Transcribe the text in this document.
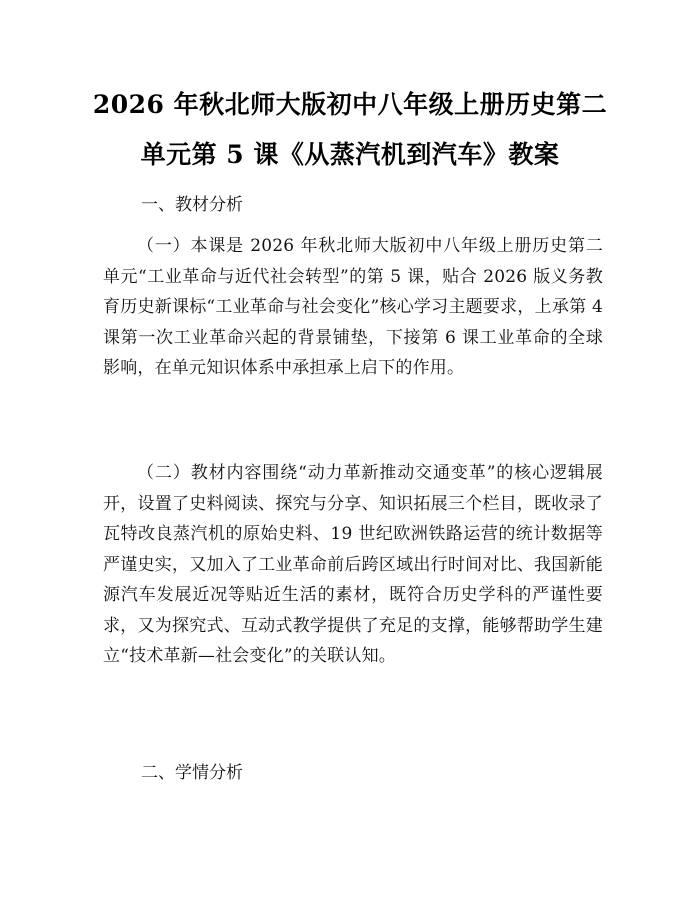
2026 年秋北师大版初中八年级上册历史第二
单元第 5 课《从蒸汽机到汽车》教案
一、教材分析

（一）本课是 2026 年秋北师大版初中八年级上册历史第二单元“工业革命与近代社会转型”的第 5 课，贴合 2026 版义务教育历史新课标“工业革命与社会变化”核心学习主题要求，上承第 4 课第一次工业革命兴起的背景铺垫，下接第 6 课工业革命的全球影响，在单元知识体系中承担承上启下的作用。

（二）教材内容围绕“动力革新推动交通变革”的核心逻辑展开，设置了史料阅读、探究与分享、知识拓展三个栏目，既收录了瓦特改良蒸汽机的原始史料、19 世纪欧洲铁路运营的统计数据等严谨史实，又加入了工业革命前后跨区域出行时间对比、我国新能源汽车发展近况等贴近生活的素材，既符合历史学科的严谨性要求，又为探究式、互动式教学提供了充足的支撑，能够帮助学生建立“技术革新—社会变化”的关联认知。

二、学情分析
